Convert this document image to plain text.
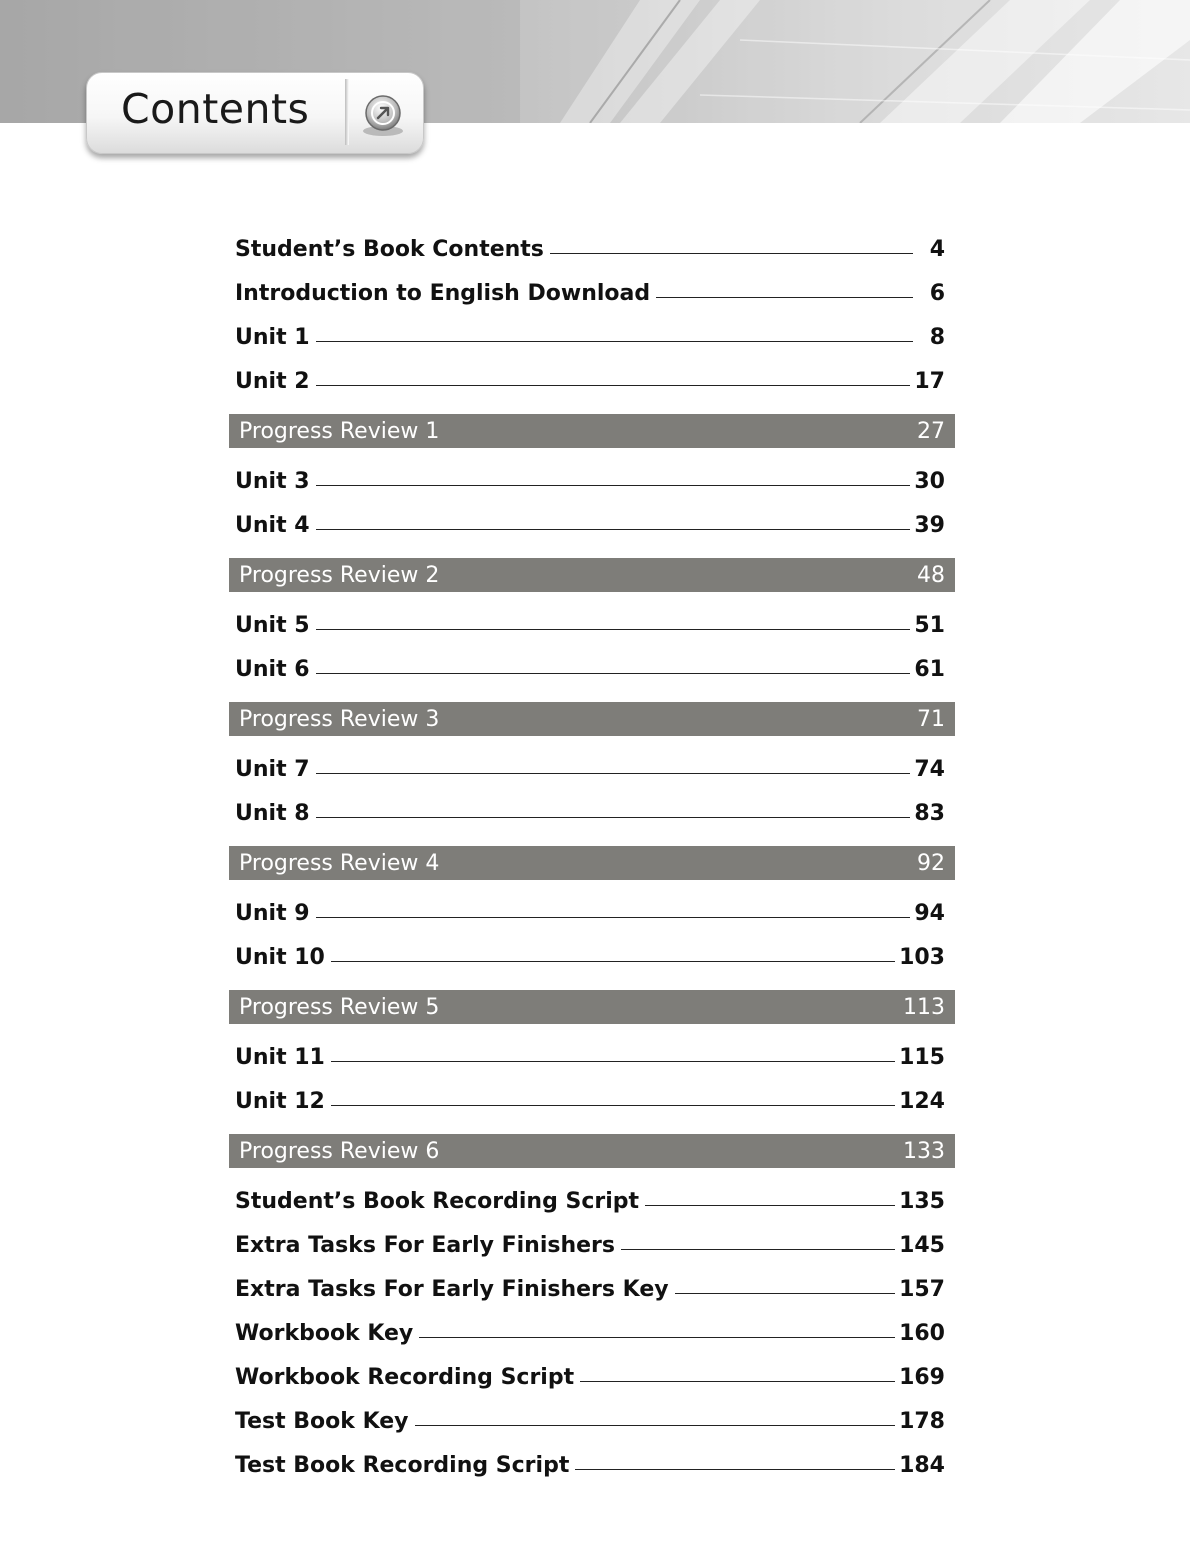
Contents
Student’s Book Contents	4
Introduction to English Download	6
Unit 1	8
Unit 2	17
Progress Review 1	27
Unit 3	30
Unit 4	39
Progress Review 2	48
Unit 5	51
Unit 6	61
Progress Review 3	71
Unit 7	74
Unit 8	83
Progress Review 4	92
Unit 9	94
Unit 10	103
Progress Review 5	113
Unit 11	115
Unit 12	124
Progress Review 6	133
Student’s Book Recording Script	135
Extra Tasks For Early Finishers	145
Extra Tasks For Early Finishers Key	157
Workbook Key	160
Workbook Recording Script	169
Test Book Key	178
Test Book Recording Script	184
